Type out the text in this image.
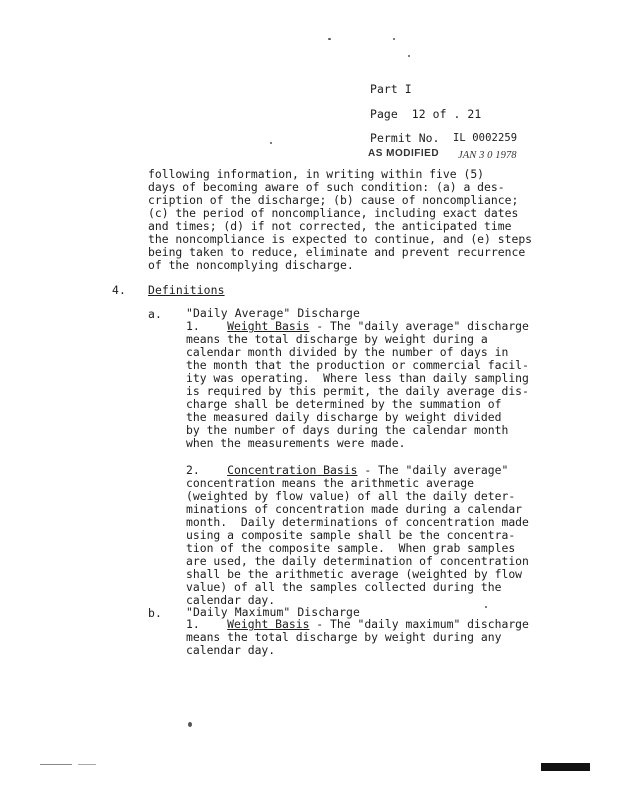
Part I
Page  12 of . 21
Permit No. IL 0002259
AS MODIFIED JAN 3 0 1978
following information, in writing within five (5)
days of becoming aware of such condition: (a) a des-
cription of the discharge; (b) cause of noncompliance;
(c) the period of noncompliance, including exact dates
and times; (d) if not corrected, the anticipated time
the noncompliance is expected to continue, and (e) steps
being taken to reduce, eliminate and prevent recurrence
of the noncomplying discharge.
4. Definitions
a. "Daily Average" Discharge
1. Weight Basis - The "daily average" discharge
means the total discharge by weight during a
calendar month divided by the number of days in
the month that the production or commercial facil-
ity was operating.  Where less than daily sampling
is required by this permit, the daily average dis-
charge shall be determined by the summation of
the measured daily discharge by weight divided
by the number of days during the calendar month
when the measurements were made.
2. Concentration Basis - The "daily average"
concentration means the arithmetic average
(weighted by flow value) of all the daily deter-
minations of concentration made during a calendar
month.  Daily determinations of concentration made
using a composite sample shall be the concentra-
tion of the composite sample.  When grab samples
are used, the daily determination of concentration
shall be the arithmetic average (weighted by flow
value) of all the samples collected during the
calendar day.
b. "Daily Maximum" Discharge
1. Weight Basis - The "daily maximum" discharge
means the total discharge by weight during any
calendar day.
